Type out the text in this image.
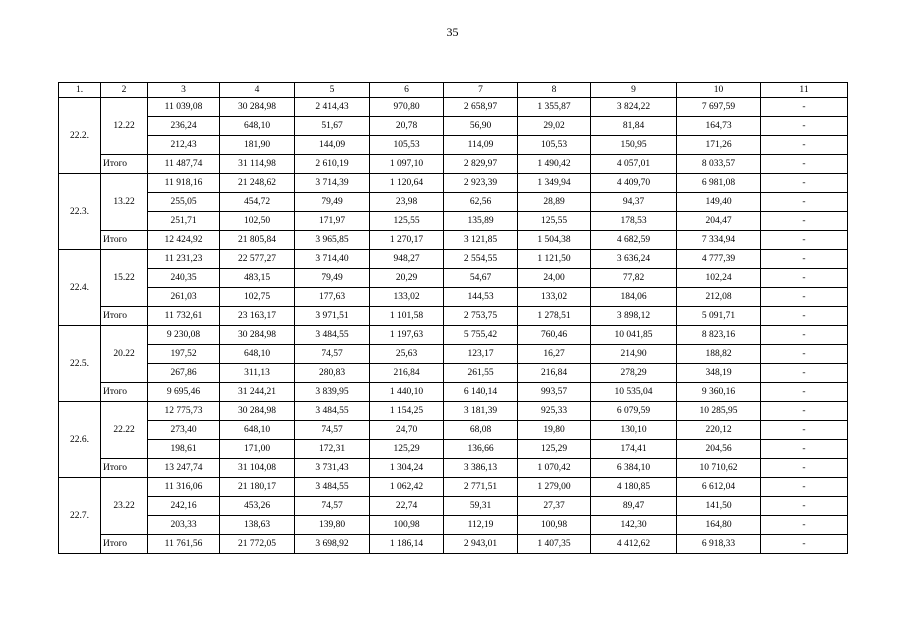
35
1.	2	3	4	5	6	7	8	9	10	11
22.2.	12.22	11 039,08	30 284,98	2 414,43	970,80	2 658,97	1 355,87	3 824,22	7 697,59	-
		236,24	648,10	51,67	20,78	56,90	29,02	81,84	164,73	-
		212,43	181,90	144,09	105,53	114,09	105,53	150,95	171,26	-
	Итого	11 487,74	31 114,98	2 610,19	1 097,10	2 829,97	1 490,42	4 057,01	8 033,57	-
22.3.	13.22	11 918,16	21 248,62	3 714,39	1 120,64	2 923,39	1 349,94	4 409,70	6 981,08	-
		255,05	454,72	79,49	23,98	62,56	28,89	94,37	149,40	-
		251,71	102,50	171,97	125,55	135,89	125,55	178,53	204,47	-
	Итого	12 424,92	21 805,84	3 965,85	1 270,17	3 121,85	1 504,38	4 682,59	7 334,94	-
22.4.	15.22	11 231,23	22 577,27	3 714,40	948,27	2 554,55	1 121,50	3 636,24	4 777,39	-
		240,35	483,15	79,49	20,29	54,67	24,00	77,82	102,24	-
		261,03	102,75	177,63	133,02	144,53	133,02	184,06	212,08	-
	Итого	11 732,61	23 163,17	3 971,51	1 101,58	2 753,75	1 278,51	3 898,12	5 091,71	-
22.5.	20.22	9 230,08	30 284,98	3 484,55	1 197,63	5 755,42	760,46	10 041,85	8 823,16	-
		197,52	648,10	74,57	25,63	123,17	16,27	214,90	188,82	-
		267,86	311,13	280,83	216,84	261,55	216,84	278,29	348,19	-
	Итого	9 695,46	31 244,21	3 839,95	1 440,10	6 140,14	993,57	10 535,04	9 360,16	-
22.6.	22.22	12 775,73	30 284,98	3 484,55	1 154,25	3 181,39	925,33	6 079,59	10 285,95	-
		273,40	648,10	74,57	24,70	68,08	19,80	130,10	220,12	-
		198,61	171,00	172,31	125,29	136,66	125,29	174,41	204,56	-
	Итого	13 247,74	31 104,08	3 731,43	1 304,24	3 386,13	1 070,42	6 384,10	10 710,62	-
22.7.	23.22	11 316,06	21 180,17	3 484,55	1 062,42	2 771,51	1 279,00	4 180,85	6 612,04	-
		242,16	453,26	74,57	22,74	59,31	27,37	89,47	141,50	-
		203,33	138,63	139,80	100,98	112,19	100,98	142,30	164,80	-
	Итого	11 761,56	21 772,05	3 698,92	1 186,14	2 943,01	1 407,35	4 412,62	6 918,33	-
